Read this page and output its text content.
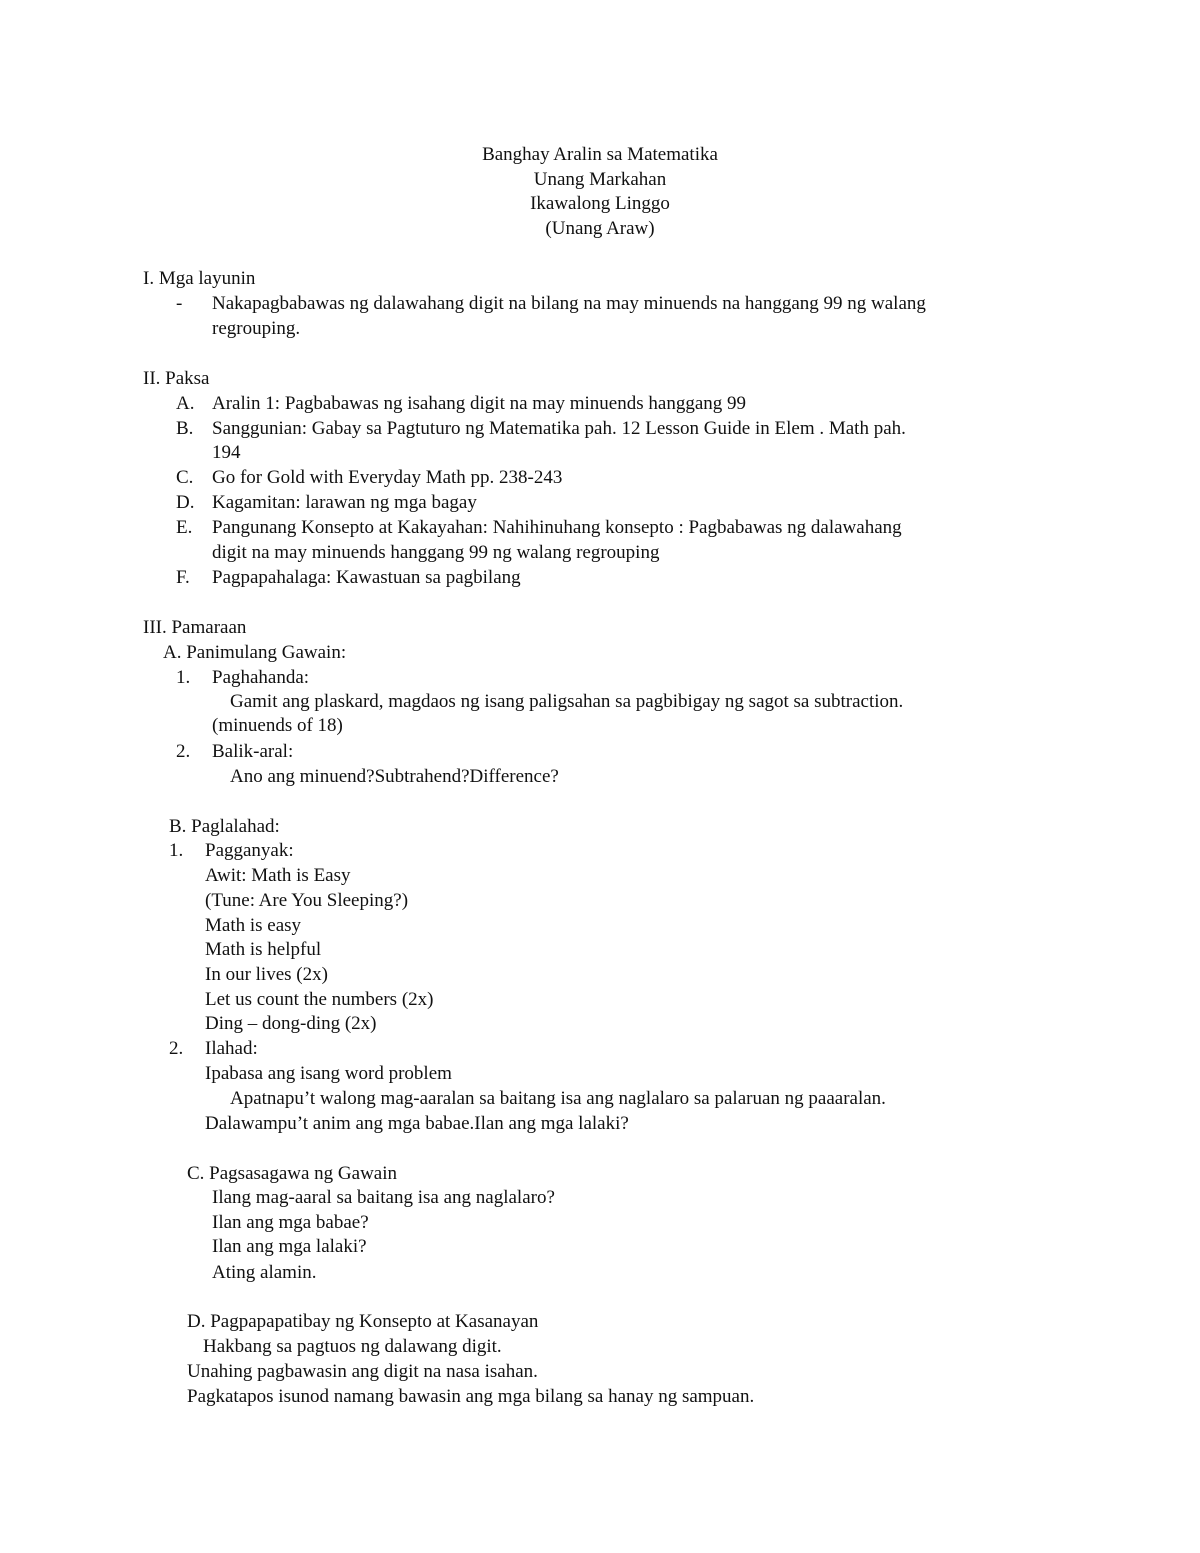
Banghay Aralin sa Matematika
Unang Markahan
Ikawalong Linggo
(Unang Araw)
I. Mga layunin
- Nakapagbabawas ng dalawahang digit na bilang na may minuends na hanggang 99 ng walang
regrouping.
II. Paksa
A. Aralin 1: Pagbabawas ng isahang digit na may minuends hanggang 99
B. Sanggunian: Gabay sa Pagtuturo ng Matematika pah. 12 Lesson Guide in Elem . Math pah.
194
C. Go for Gold with Everyday Math pp. 238-243
D. Kagamitan: larawan ng mga bagay
E. Pangunang Konsepto at Kakayahan: Nahihinuhang konsepto : Pagbabawas ng dalawahang
digit na may minuends hanggang 99 ng walang regrouping
F. Pagpapahalaga: Kawastuan sa pagbilang
III. Pamaraan
A. Panimulang Gawain:
1. Paghahanda:
Gamit ang plaskard, magdaos ng isang paligsahan sa pagbibigay ng sagot sa subtraction.
(minuends of 18)
2. Balik-aral:
Ano ang minuend?Subtrahend?Difference?
B. Paglalahad:
1. Pagganyak:
Awit: Math is Easy
(Tune: Are You Sleeping?)
Math is easy
Math is helpful
In our lives (2x)
Let us count the numbers (2x)
Ding – dong-ding (2x)
2. Ilahad:
Ipabasa ang isang word problem
Apatnapu’t walong mag-aaralan sa baitang isa ang naglalaro sa palaruan ng paaaralan.
Dalawampu’t anim ang mga babae.Ilan ang mga lalaki?
C. Pagsasagawa ng Gawain
Ilang mag-aaral sa baitang isa ang naglalaro?
Ilan ang mga babae?
Ilan ang mga lalaki?
Ating alamin.
D. Pagpapapatibay ng Konsepto at Kasanayan
Hakbang sa pagtuos ng dalawang digit.
Unahing pagbawasin ang digit na nasa isahan.
Pagkatapos isunod namang bawasin ang mga bilang sa hanay ng sampuan.
